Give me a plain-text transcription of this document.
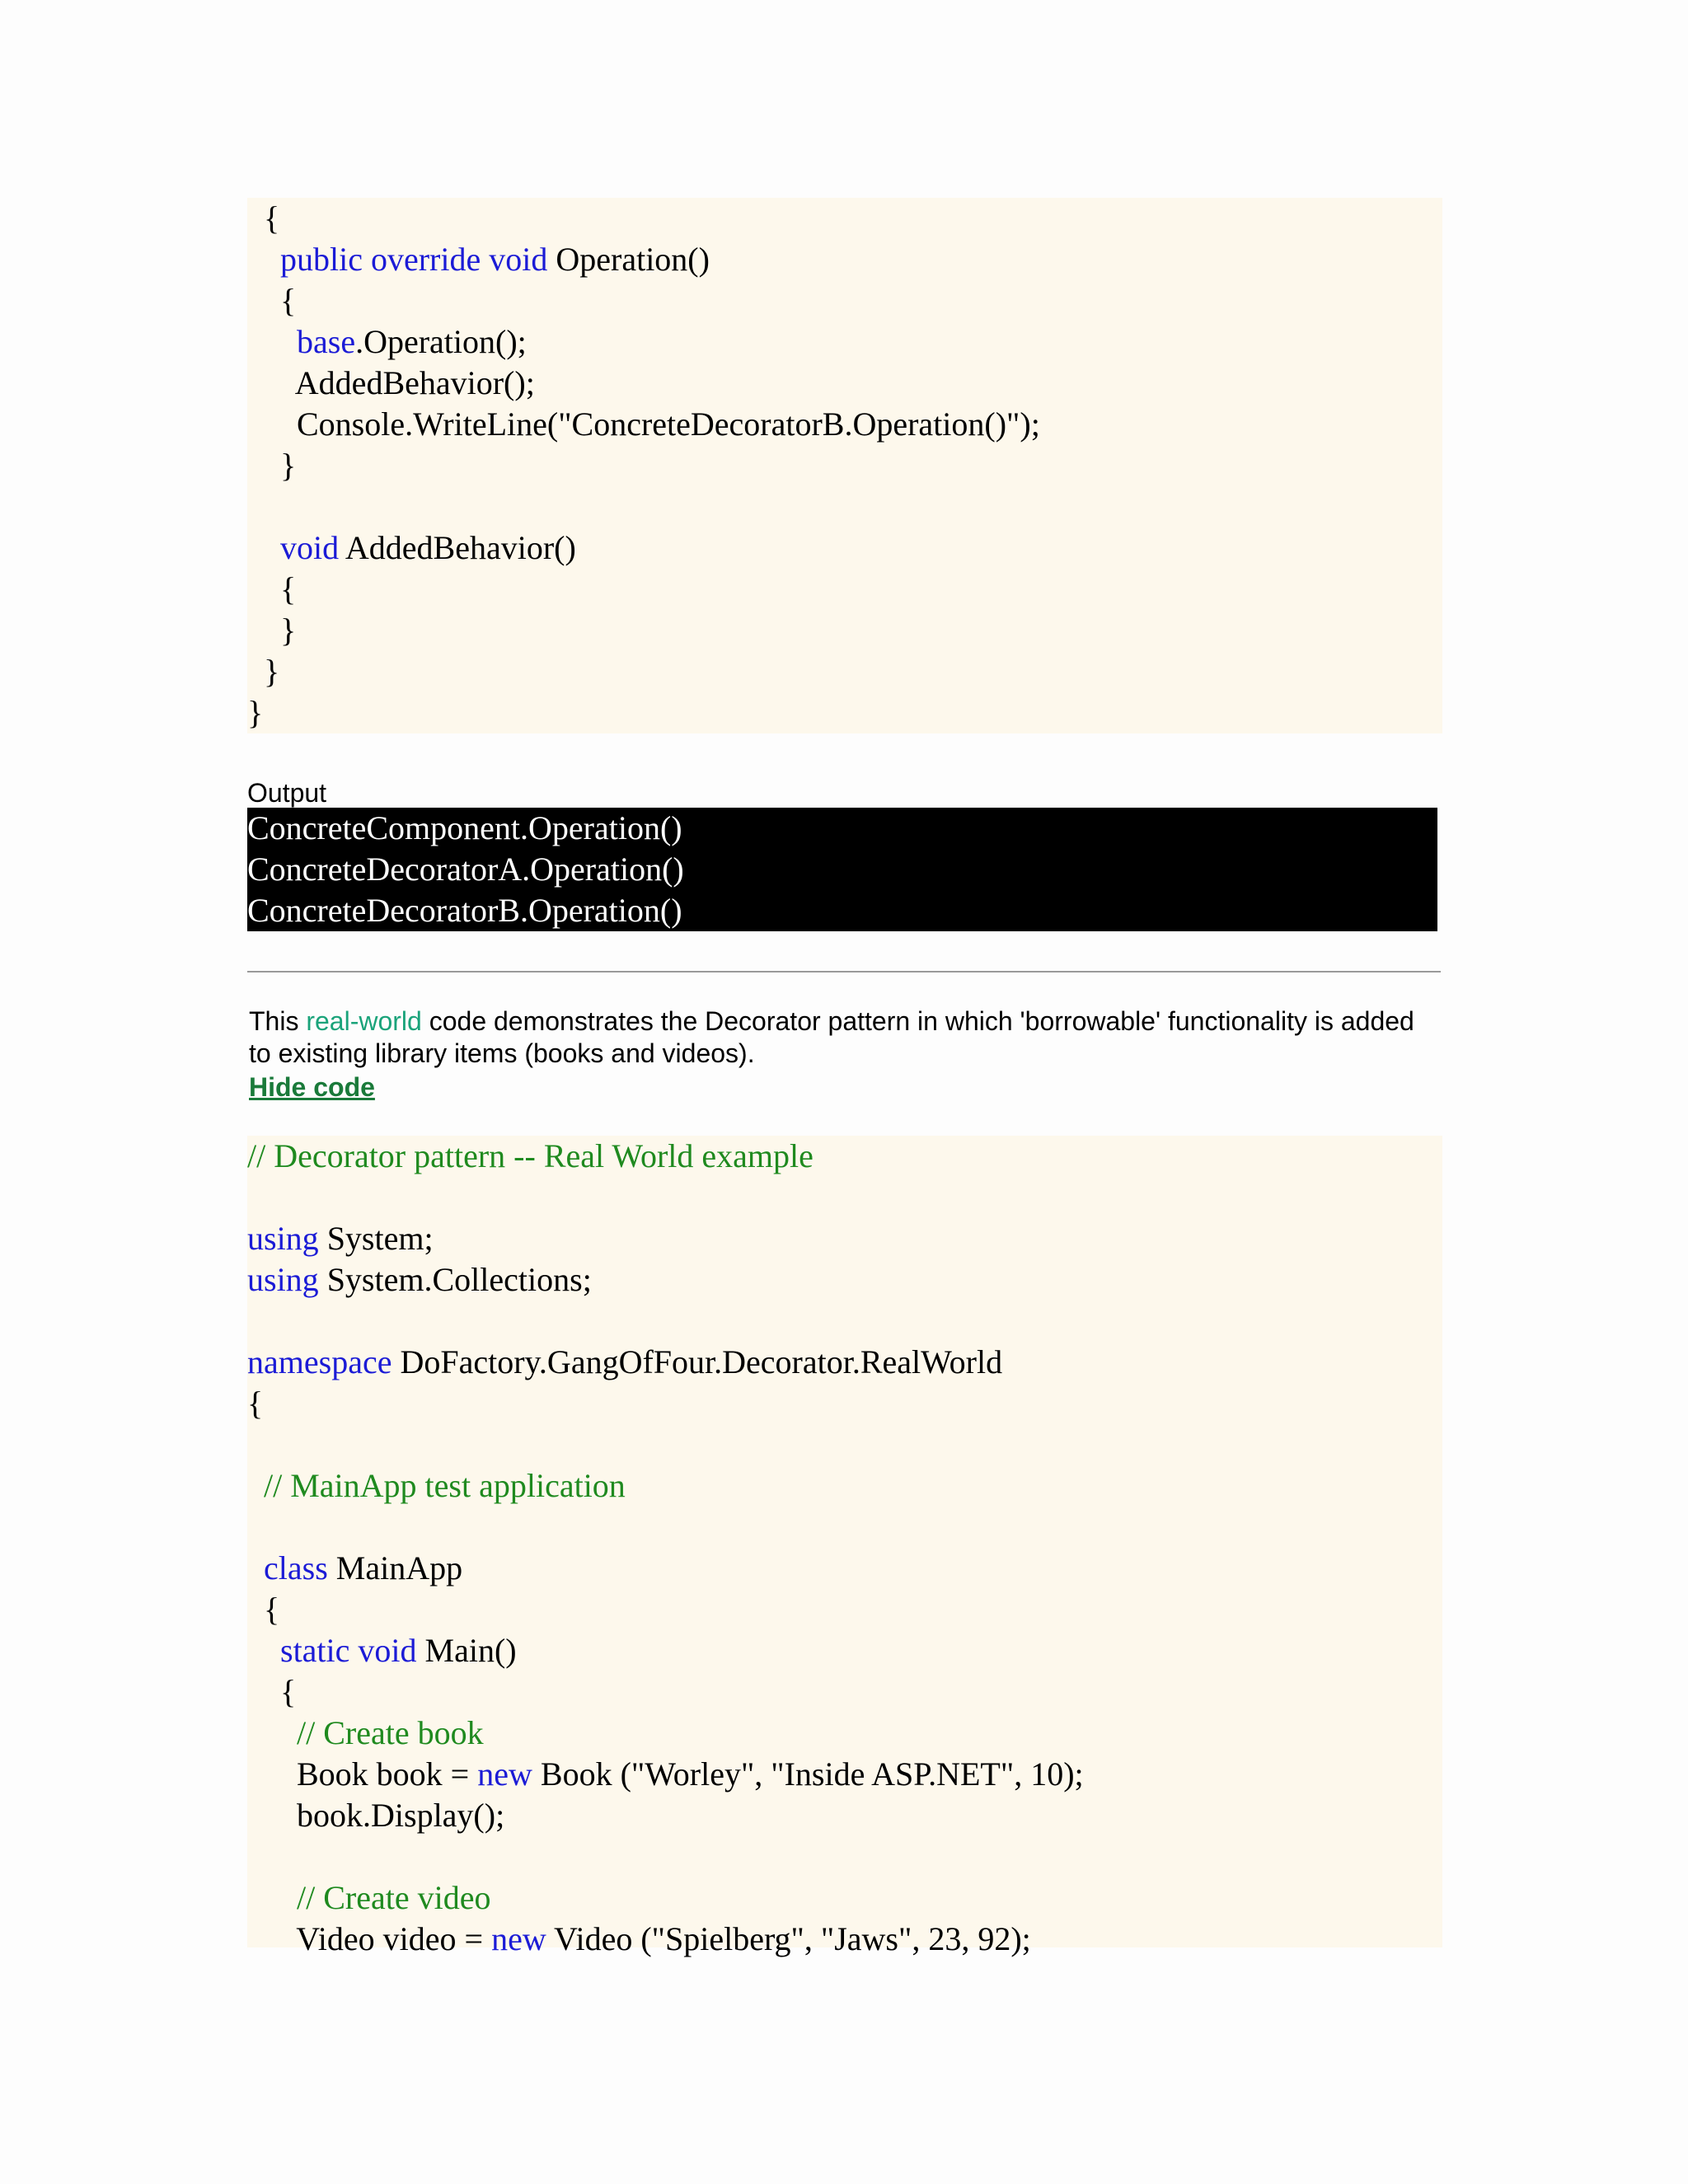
{
public override void Operation()
{
base.Operation();
AddedBehavior();
Console.WriteLine("ConcreteDecoratorB.Operation()");
}
void AddedBehavior()
{
}
}
}
Output
ConcreteComponent.Operation()
ConcreteDecoratorA.Operation()
ConcreteDecoratorB.Operation()
This real-world code demonstrates the Decorator pattern in which 'borrowable' functionality is added to existing library items (books and videos).
Hide code
// Decorator pattern -- Real World example
using System;
using System.Collections;
namespace DoFactory.GangOfFour.Decorator.RealWorld
{
// MainApp test application
class MainApp
{
static void Main()
{
// Create book
Book book = new Book ("Worley", "Inside ASP.NET", 10);
book.Display();
// Create video
Video video = new Video ("Spielberg", "Jaws", 23, 92);
